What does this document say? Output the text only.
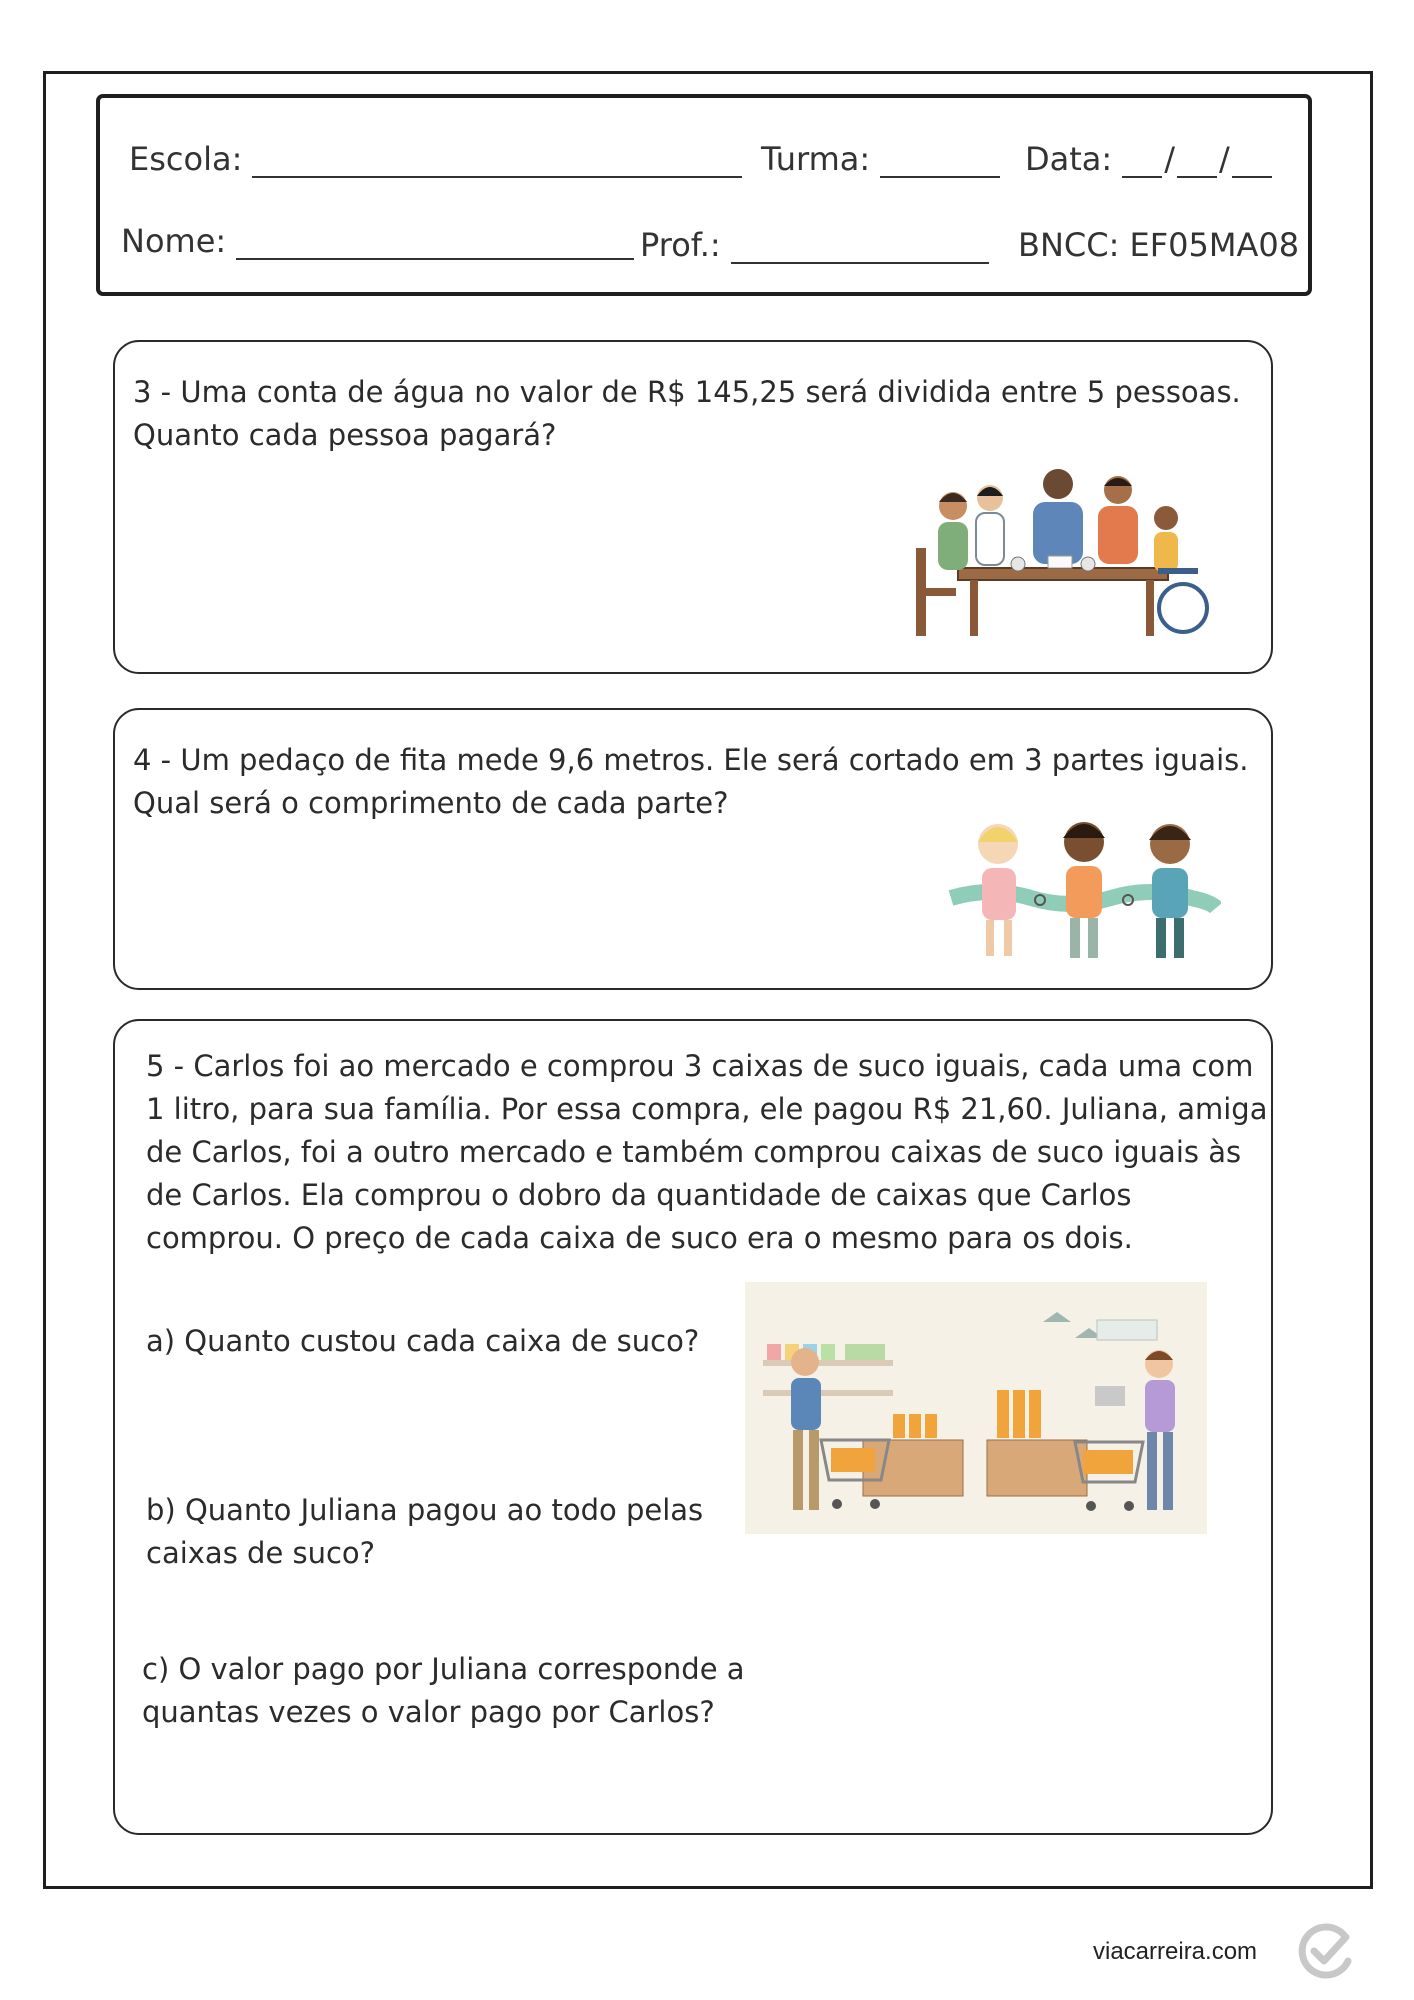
Escola:	Turma:	Data: / /
Nome:	Prof.:	BNCC: EF05MA08
3 - Uma conta de água no valor de R$ 145,25 será dividida entre 5 pessoas.
Quanto cada pessoa pagará?
4 - Um pedaço de fita mede 9,6 metros. Ele será cortado em 3 partes iguais.
Qual será o comprimento de cada parte?
5 - Carlos foi ao mercado e comprou 3 caixas de suco iguais, cada uma com
1 litro, para sua família. Por essa compra, ele pagou R$ 21,60. Juliana, amiga
de Carlos, foi a outro mercado e também comprou caixas de suco iguais às
de Carlos. Ela comprou o dobro da quantidade de caixas que Carlos
comprou. O preço de cada caixa de suco era o mesmo para os dois.
a) Quanto custou cada caixa de suco?
b) Quanto Juliana pagou ao todo pelas
caixas de suco?
c) O valor pago por Juliana corresponde a
quantas vezes o valor pago por Carlos?
viacarreira.com
